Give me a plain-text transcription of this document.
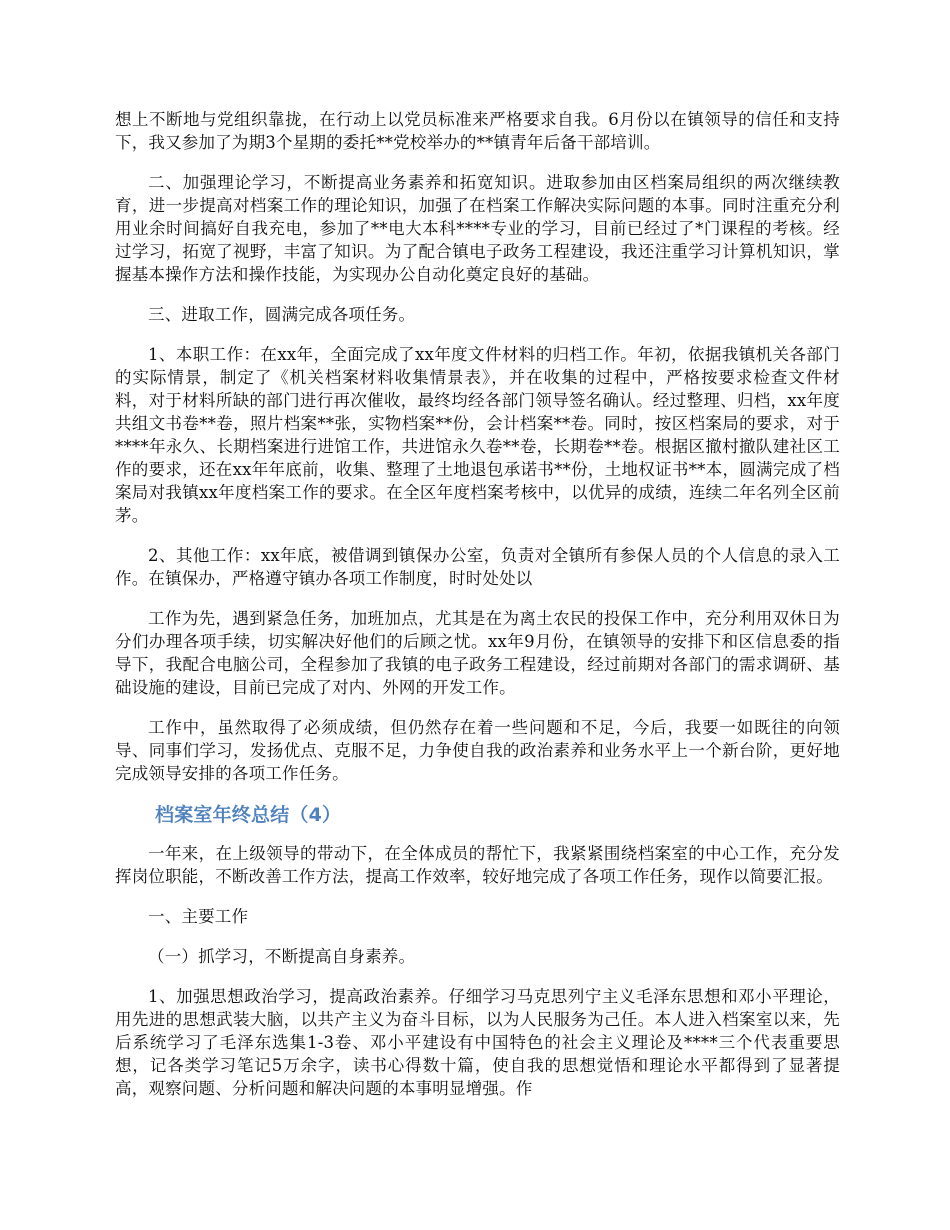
想上不断地与党组织靠拢，在行动上以党员标准来严格要求自我。6月份以在镇领导的信任和支持下，我又参加了为期3个星期的委托**党校举办的**镇青年后备干部培训。

二、加强理论学习，不断提高业务素养和拓宽知识。进取参加由区档案局组织的两次继续教育，进一步提高对档案工作的理论知识，加强了在档案工作解决实际问题的本事。同时注重充分利用业余时间搞好自我充电，参加了**电大本科****专业的学习，目前已经过了*门课程的考核。经过学习，拓宽了视野，丰富了知识。为了配合镇电子政务工程建设，我还注重学习计算机知识，掌握基本操作方法和操作技能，为实现办公自动化奠定良好的基础。

三、进取工作，圆满完成各项任务。

1、本职工作：在xx年，全面完成了xx年度文件材料的归档工作。年初，依据我镇机关各部门的实际情景，制定了《机关档案材料收集情景表》，并在收集的过程中，严格按要求检查文件材料，对于材料所缺的部门进行再次催收，最终均经各部门领导签名确认。经过整理、归档，xx年度共组文书卷**卷，照片档案**张，实物档案**份，会计档案**卷。同时，按区档案局的要求，对于****年永久、长期档案进行进馆工作，共进馆永久卷**卷，长期卷**卷。根据区撤村撤队建社区工作的要求，还在xx年年底前，收集、整理了土地退包承诺书**份，土地权证书**本，圆满完成了档案局对我镇xx年度档案工作的要求。在全区年度档案考核中，以优异的成绩，连续二年名列全区前茅。

2、其他工作：xx年底，被借调到镇保办公室，负责对全镇所有参保人员的个人信息的录入工作。在镇保办，严格遵守镇办各项工作制度，时时处处以

工作为先，遇到紧急任务，加班加点，尤其是在为离土农民的投保工作中，充分利用双休日为分们办理各项手续，切实解决好他们的后顾之忧。xx年9月份，在镇领导的安排下和区信息委的指导下，我配合电脑公司，全程参加了我镇的电子政务工程建设，经过前期对各部门的需求调研、基础设施的建设，目前已完成了对内、外网的开发工作。

工作中，虽然取得了必须成绩，但仍然存在着一些问题和不足，今后，我要一如既往的向领导、同事们学习，发扬优点、克服不足，力争使自我的政治素养和业务水平上一个新台阶，更好地完成领导安排的各项工作任务。

档案室年终总结（4）

一年来，在上级领导的带动下，在全体成员的帮忙下，我紧紧围绕档案室的中心工作，充分发挥岗位职能，不断改善工作方法，提高工作效率，较好地完成了各项工作任务，现作以简要汇报。

一、主要工作

（一）抓学习，不断提高自身素养。

1、加强思想政治学习，提高政治素养。仔细学习马克思列宁主义毛泽东思想和邓小平理论，用先进的思想武装大脑，以共产主义为奋斗目标，以为人民服务为己任。本人进入档案室以来，先后系统学习了毛泽东选集1-3卷、邓小平建设有中国特色的社会主义理论及****三个代表重要思想，记各类学习笔记5万余字，读书心得数十篇，使自我的思想觉悟和理论水平都得到了显著提高，观察问题、分析问题和解决问题的本事明显增强。作
